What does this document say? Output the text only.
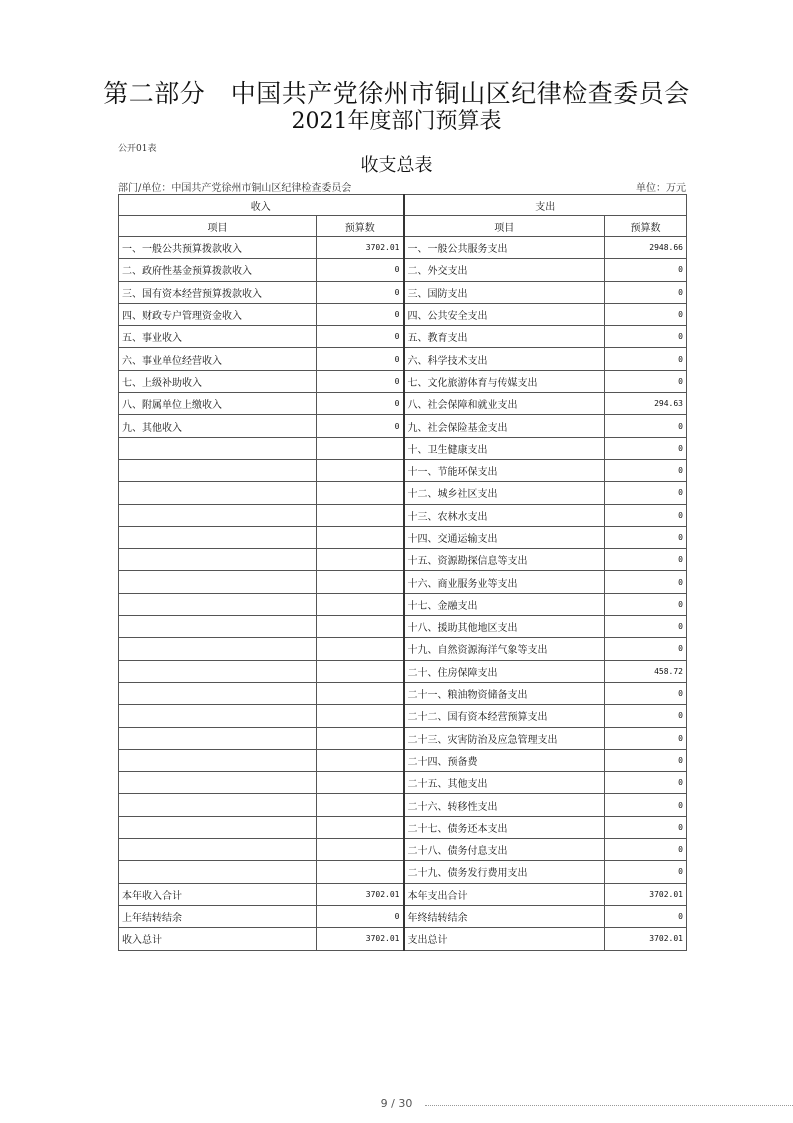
第二部分　中国共产党徐州市铜山区纪律检查委员会
2021年度部门预算表
公开01表
收支总表
部门/单位：中国共产党徐州市铜山区纪律检查委员会	单位：万元
收入		支出	
项目	预算数	项目	预算数
一、一般公共预算拨款收入	3702.01	一、一般公共服务支出	2948.66
二、政府性基金预算拨款收入	0	二、外交支出	0
三、国有资本经营预算拨款收入	0	三、国防支出	0
四、财政专户管理资金收入	0	四、公共安全支出	0
五、事业收入	0	五、教育支出	0
六、事业单位经营收入	0	六、科学技术支出	0
七、上级补助收入	0	七、文化旅游体育与传媒支出	0
八、附属单位上缴收入	0	八、社会保障和就业支出	294.63
九、其他收入	0	九、社会保险基金支出	0
		十、卫生健康支出	0
		十一、节能环保支出	0
		十二、城乡社区支出	0
		十三、农林水支出	0
		十四、交通运输支出	0
		十五、资源勘探信息等支出	0
		十六、商业服务业等支出	0
		十七、金融支出	0
		十八、援助其他地区支出	0
		十九、自然资源海洋气象等支出	0
		二十、住房保障支出	458.72
		二十一、粮油物资储备支出	0
		二十二、国有资本经营预算支出	0
		二十三、灾害防治及应急管理支出	0
		二十四、预备费	0
		二十五、其他支出	0
		二十六、转移性支出	0
		二十七、债务还本支出	0
		二十八、债务付息支出	0
		二十九、债务发行费用支出	0
本年收入合计	3702.01	本年支出合计	3702.01
上年结转结余	0	年终结转结余	0
收入总计	3702.01	支出总计	3702.01
9 / 30
